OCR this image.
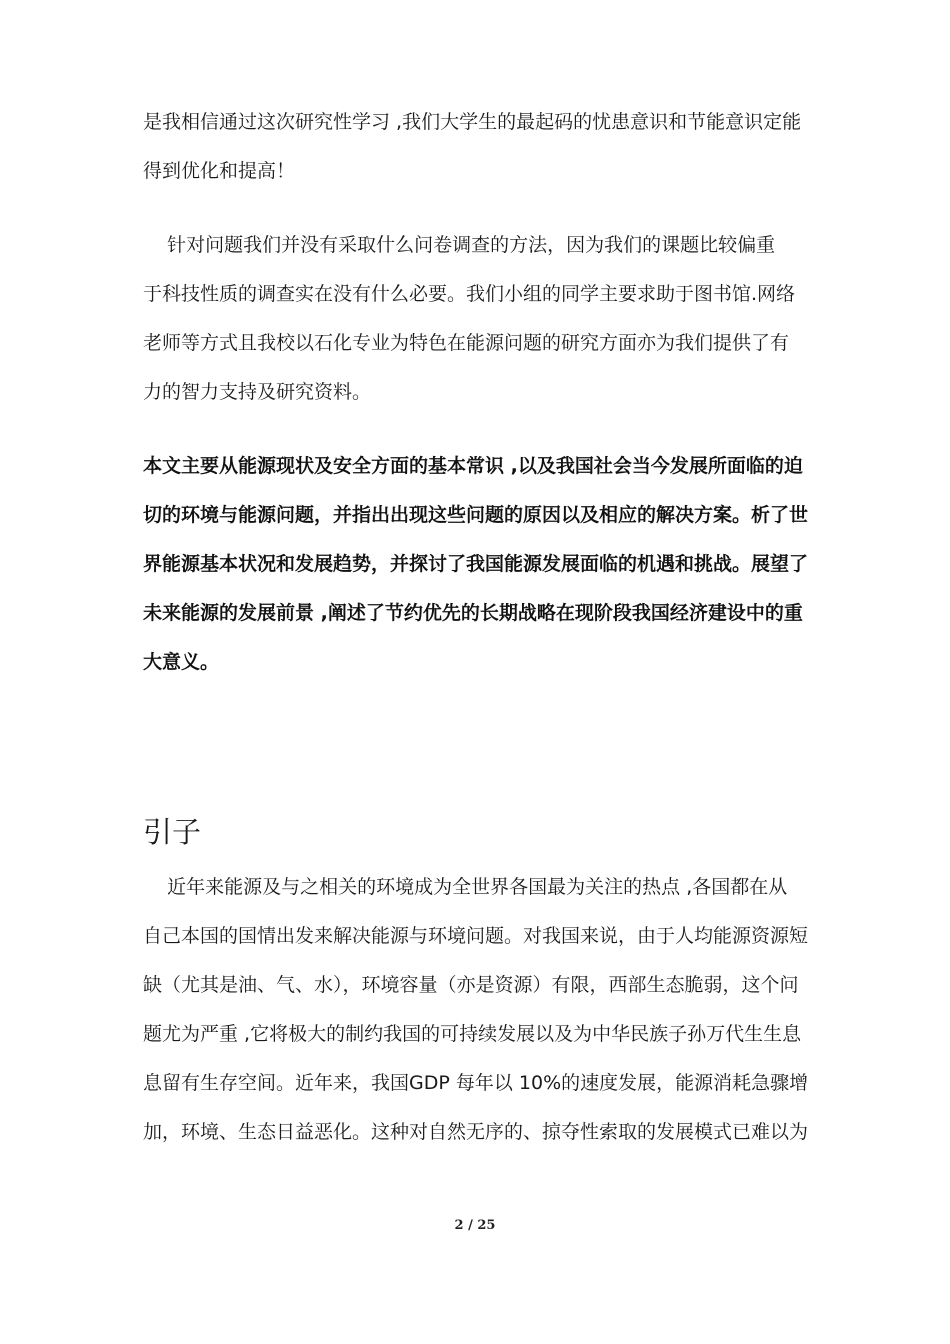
是我相信通过这次研究性学习 ,我们大学生的最起码的忧患意识和节能意识定能

得到优化和提高！

针对问题我们并没有采取什么问卷调查的方法，因为我们的课题比较偏重

于科技性质的调查实在没有什么必要。我们小组的同学主要求助于图书馆.网络

老师等方式且我校以石化专业为特色在能源问题的研究方面亦为我们提供了有

力的智力支持及研究资料。

本文主要从能源现状及安全方面的基本常识 ,以及我国社会当今发展所面临的迫

切的环境与能源问题，并指出出现这些问题的原因以及相应的解决方案。析了世

界能源基本状况和发展趋势，并探讨了我国能源发展面临的机遇和挑战。展望了

未来能源的发展前景 ,阐述了节约优先的长期战略在现阶段我国经济建设中的重

大意义。

引子

近年来能源及与之相关的环境成为全世界各国最为关注的热点 ,各国都在从

自己本国的国情出发来解决能源与环境问题。对我国来说，由于人均能源资源短

缺（尤其是油、气、水），环境容量（亦是资源）有限，西部生态脆弱，这个问

题尤为严重 ,它将极大的制约我国的可持续发展以及为中华民族子孙万代生生息

息留有生存空间。近年来，我国GDP 每年以 10%的速度发展，能源消耗急骤增

加，环境、生态日益恶化。这种对自然无序的、掠夺性索取的发展模式已难以为

2 / 25
